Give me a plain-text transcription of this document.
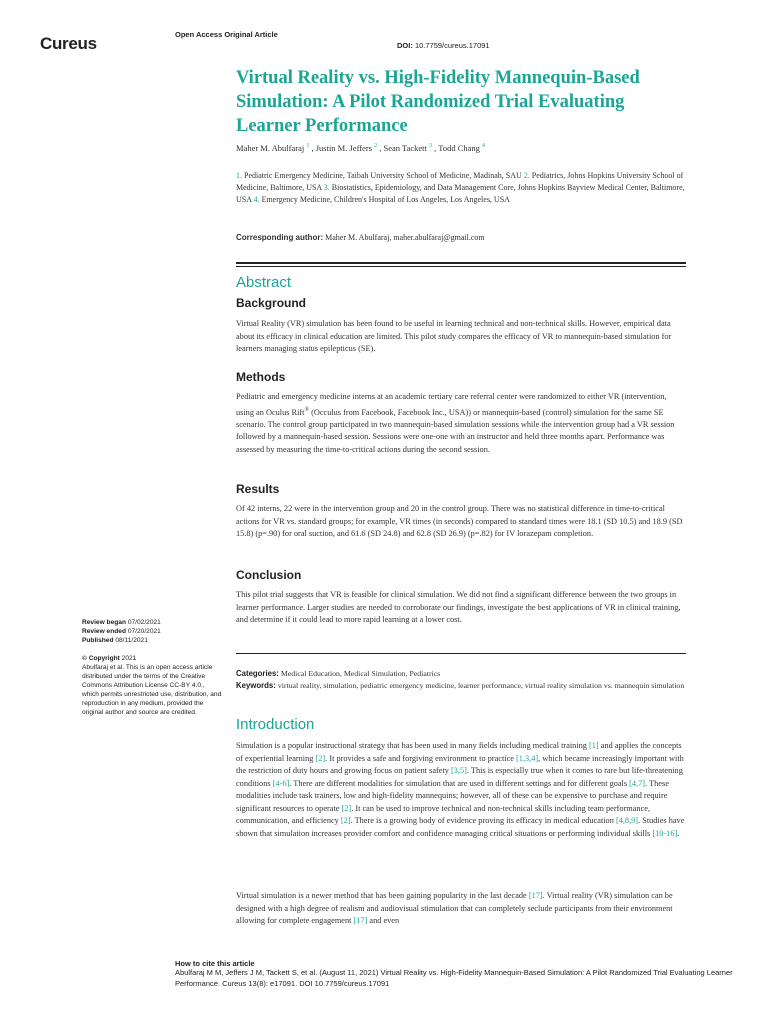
Cureus	Open Access Original Article
DOI: 10.7759/cureus.17091
Virtual Reality vs. High-Fidelity Mannequin-Based Simulation: A Pilot Randomized Trial Evaluating Learner Performance
Maher M. Abulfaraj $^1$ , Justin M. Jeffers $^2$ , Sean Tackett $^3$ , Todd Chang $^4$
1. Pediatric Emergency Medicine, Taibah University School of Medicine, Madinah, SAU 2. Pediatrics, Johns Hopkins University School of Medicine, Baltimore, USA 3. Biostatistics, Epidemiology, and Data Management Core, Johns Hopkins Bayview Medical Center, Baltimore, USA 4. Emergency Medicine, Children's Hospital of Los Angeles, Los Angeles, USA
Corresponding author: Maher M. Abulfaraj, maher.abulfaraj@gmail.com
Abstract
Background

Virtual Reality (VR) simulation has been found to be useful in learning technical and non-technical skills. However, empirical data about its efficacy in clinical education are limited. This pilot study compares the efficacy of VR to mannequin-based simulation for learners managing status epilepticus (SE).

Methods

Pediatric and emergency medicine interns at an academic tertiary care referral center were randomized to either VR (intervention, using an Oculus Rift® (Occulus from Facebook, Facebook Inc., USA)) or mannequin-based (control) simulation for the same SE scenario. The control group participated in two mannequin-based simulation sessions while the intervention group had a VR session followed by a mannequin-based session. Sessions were one-one with an instructor and held three months apart. Performance was assessed by measuring the time-to-critical actions during the second session.

Results

Of 42 interns, 22 were in the intervention group and 20 in the control group. There was no statistical difference in time-to-critical actions for VR vs. standard groups; for example, VR times (in seconds) compared to standard times were 18.1 (SD 10.5) and 18.9 (SD 15.8) (p=.90) for oral suction, and 61.6 (SD 24.8) and 62.8 (SD 26.9) (p=.82) for IV lorazepam completion.

Conclusion

This pilot trial suggests that VR is feasible for clinical simulation. We did not find a significant difference between the two groups in learner performance. Larger studies are needed to corroborate our findings, investigate the best applications of VR in clinical training, and determine if it could lead to more rapid learning at a lower cost.

Review began 07/02/2021
Review ended 07/20/2021
Published 08/11/2021
© Copyright 2021
Abulfaraj et al. This is an open access article distributed under the terms of the Creative Commons Attribution License CC-BY 4.0., which permits unrestricted use, distribution, and reproduction in any medium, provided the original author and source are credited.
Categories: Medical Education, Medical Simulation, Pediatrics
Keywords: virtual reality, simulation, pediatric emergency medicine, learner performance, virtual reality simulation vs. mannequin simulation
Introduction

Simulation is a popular instructional strategy that has been used in many fields including medical training [1] and applies the concepts of experiential learning [2]. It provides a safe and forgiving environment to practice [1,3,4], which became increasingly important with the restriction of duty hours and growing focus on patient safety [3,5]. This is especially true when it comes to rare but life-threatening conditions [4-6]. There are different modalities for simulation that are used in different settings and for different goals [4,7]. These modalities include task trainers, low and high-fidelity mannequins; however, all of these can be expensive to purchase and require significant resources to operate [2]. It can be used to improve technical and non-technical skills including team performance, communication, and efficiency [2]. There is a growing body of evidence proving its efficacy in medical education [4,8,9]. Studies have shown that simulation increases provider comfort and confidence managing critical situations or performing individual skills [10-16].

Virtual simulation is a newer method that has been gaining popularity in the last decade [17]. Virtual reality (VR) simulation can be designed with a high degree of realism and audiovisual stimulation that can completely seclude participants from their environment allowing for complete engagement [17] and even

How to cite this article
Abulfaraj M M, Jeffers J M, Tackett S, et al. (August 11, 2021) Virtual Reality vs. High-Fidelity Mannequin-Based Simulation: A Pilot Randomized Trial Evaluating Learner Performance. Cureus 13(8): e17091. DOI 10.7759/cureus.17091
